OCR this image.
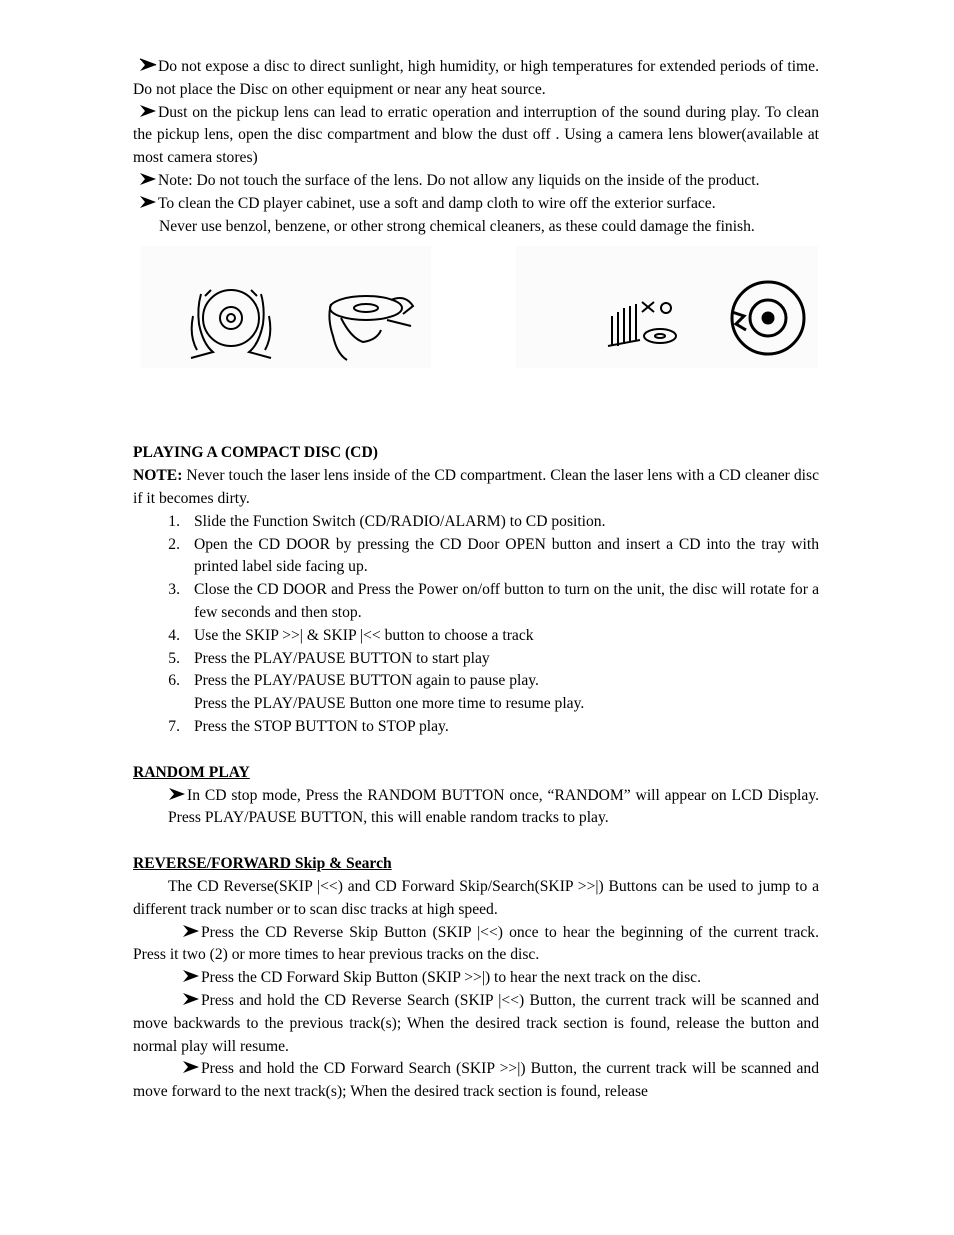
Do not expose a disc to direct sunlight, high humidity, or high temperatures for extended periods of time. Do not place the Disc on other equipment or near any heat source.

Dust on the pickup lens can lead to erratic operation and interruption of the sound during play. To clean the pickup lens, open the disc compartment and blow the dust off . Using a camera lens blower(available at most camera stores)

Note: Do not touch the surface of the lens. Do not allow any liquids on the inside of the product.

To clean the CD player cabinet, use a soft and damp cloth to wire off the exterior surface.

Never use benzol, benzene, or other strong chemical cleaners, as these could damage the finish.

PLAYING A COMPACT DISC (CD)

NOTE: Never touch the laser lens inside of the CD compartment. Clean the laser lens with a CD cleaner disc if it becomes dirty.

1. Slide the Function Switch (CD/RADIO/ALARM) to CD position.
2. Open the CD DOOR by pressing the CD Door OPEN button and insert a CD into the tray with printed label side facing up.
3. Close the CD DOOR and Press the Power on/off button to turn on the unit, the disc will rotate for a few seconds and then stop.
4. Use the SKIP >>| & SKIP |<< button to choose a track
5. Press the PLAY/PAUSE BUTTON to start play
6. Press the PLAY/PAUSE BUTTON again to pause play.

Press the PLAY/PAUSE Button one more time to resume play.

7. Press the STOP BUTTON to STOP play.

RANDOM PLAY

In CD stop mode, Press the RANDOM BUTTON once, “RANDOM” will appear on LCD Display. Press PLAY/PAUSE BUTTON, this will enable random tracks to play.

REVERSE/FORWARD Skip & Search

The CD Reverse(SKIP |<<) and CD Forward Skip/Search(SKIP >>|) Buttons can be used to jump to a different track number or to scan disc tracks at high speed.

Press the CD Reverse Skip Button (SKIP |<<) once to hear the beginning of the current track. Press it two (2) or more times to hear previous tracks on the disc.

Press the CD Forward Skip Button (SKIP >>|) to hear the next track on the disc.

Press and hold the CD Reverse Search (SKIP |<<) Button, the current track will be scanned and move backwards to the previous track(s); When the desired track section is found, release the button and normal play will resume.

Press and hold the CD Forward Search (SKIP >>|) Button, the current track will be scanned and move forward to the next track(s); When the desired track section is found, release
